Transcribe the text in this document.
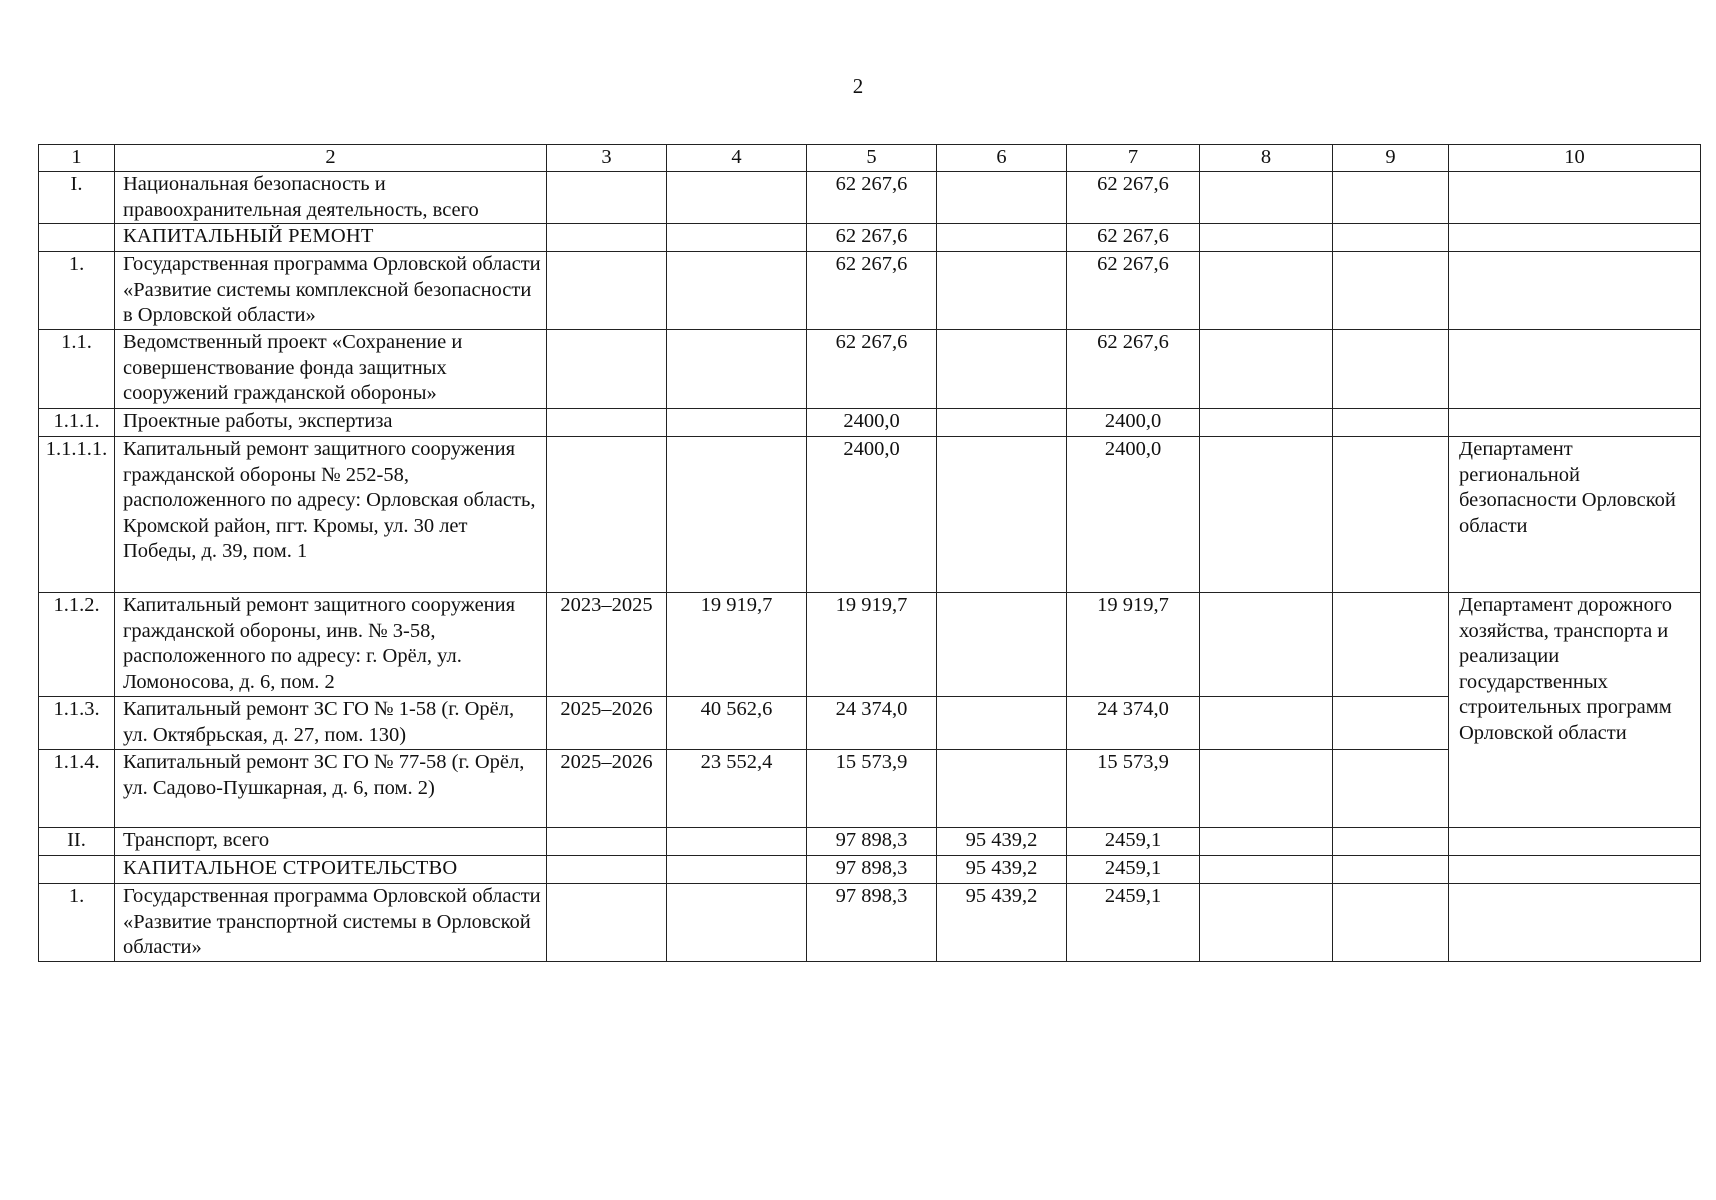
2
1	2	3	4	5	6	7	8	9	10
I.	Национальная безопасность и правоохранительная деятельность, всего			62 267,6		62 267,6			
	КАПИТАЛЬНЫЙ РЕМОНТ			62 267,6		62 267,6			
1.	Государственная программа Орловской области «Развитие системы комплексной безопасности в Орловской области»			62 267,6		62 267,6			
1.1.	Ведомственный проект «Сохранение и совершенствование фонда защитных сооружений гражданской обороны»			62 267,6		62 267,6			
1.1.1.	Проектные работы, экспертиза			2400,0		2400,0			
1.1.1.1.	Капитальный ремонт защитного сооружения гражданской обороны № 252-58, расположенного по адресу: Орловская область, Кромской район, пгт. Кромы, ул. 30 лет Победы, д. 39, пом. 1			2400,0		2400,0			Департамент региональной безопасности Орловской области
1.1.2.	Капитальный ремонт защитного сооружения гражданской обороны, инв. № 3-58, расположенного по адресу: г. Орёл, ул. Ломоносова, д. 6, пом. 2	2023–2025	19 919,7	19 919,7		19 919,7			Департамент дорожного хозяйства, транспорта и реализации государственных строительных программ Орловской области
1.1.3.	Капитальный ремонт ЗС ГО № 1-58 (г. Орёл, ул. Октябрьская, д. 27, пом. 130)	2025–2026	40 562,6	24 374,0		24 374,0			
1.1.4.	Капитальный ремонт ЗС ГО № 77-58 (г. Орёл, ул. Садово-Пушкарная, д. 6, пом. 2)	2025–2026	23 552,4	15 573,9		15 573,9			
II.	Транспорт, всего			97 898,3	95 439,2	2459,1			
	КАПИТАЛЬНОЕ СТРОИТЕЛЬСТВО			97 898,3	95 439,2	2459,1			
1.	Государственная программа Орловской области «Развитие транспортной системы в Орловской области»			97 898,3	95 439,2	2459,1			
